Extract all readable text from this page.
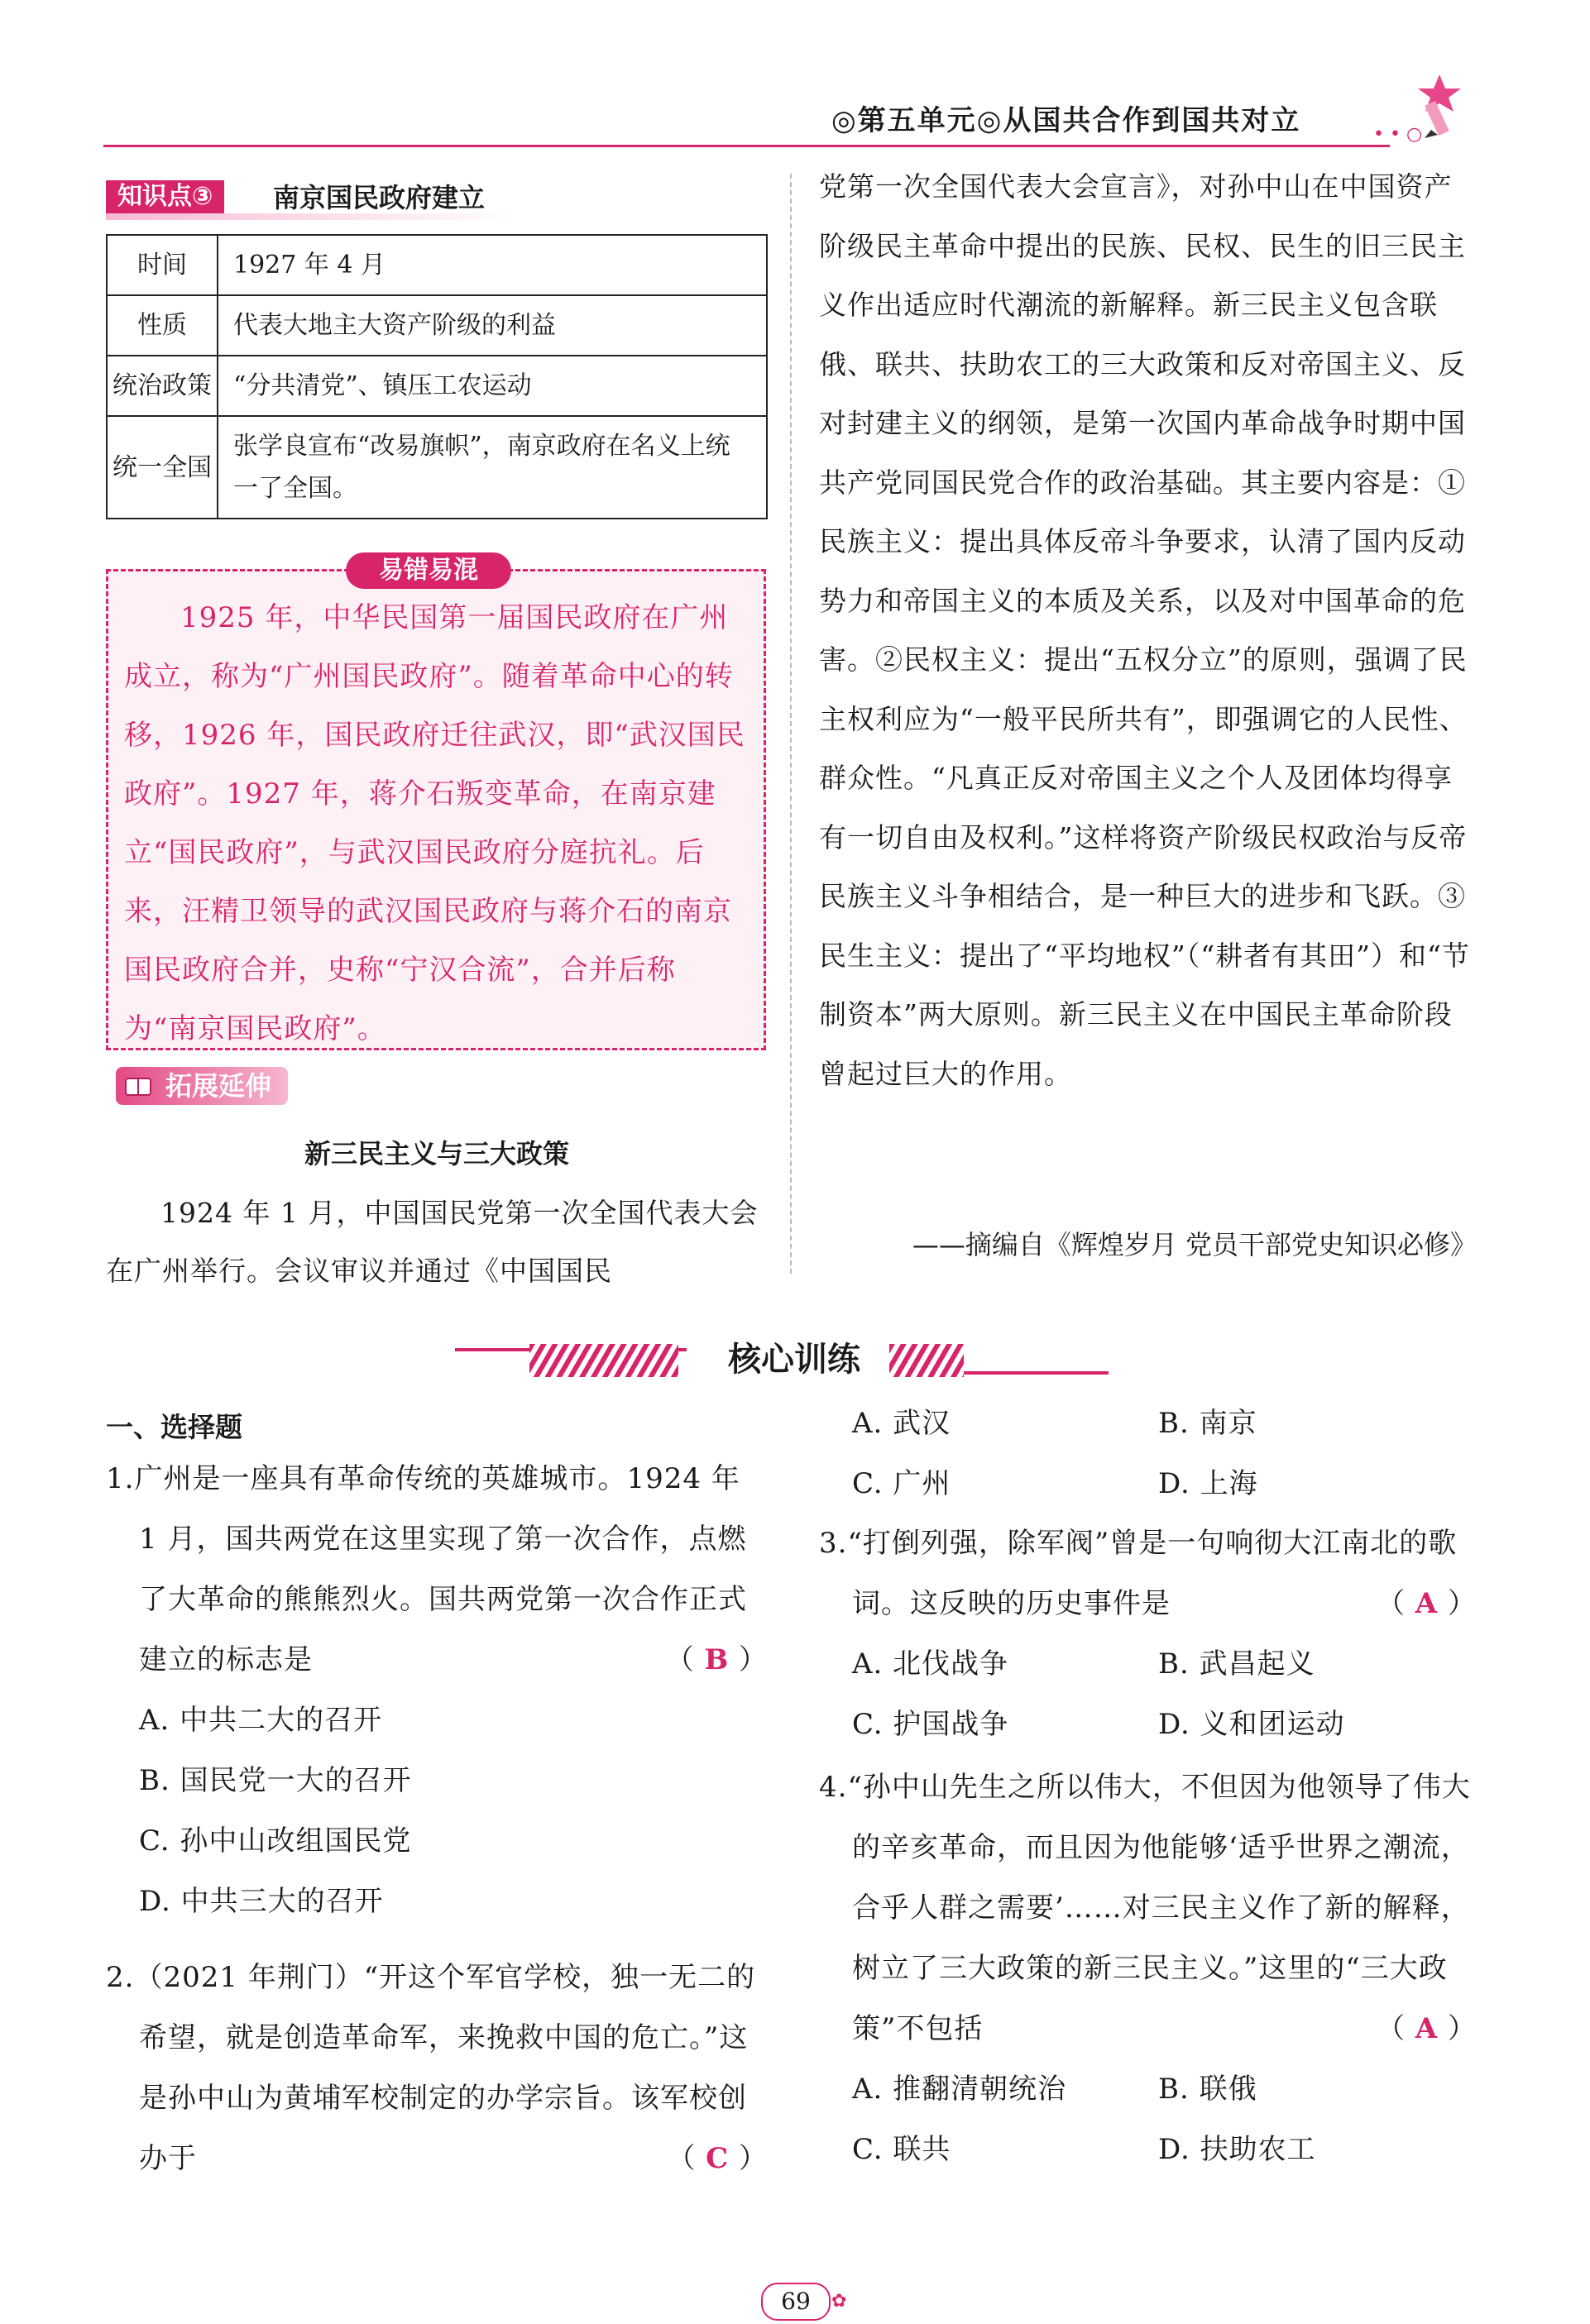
◎第五单元◎从国共合作到国共对立	• • ○
知识点③	南京国民政府建立
时间	1927 年 4 月
性质	代表大地主大资产阶级的利益
统治政策	“分共清党”、镇压工农运动
统一全国	张学良宣布“改易旗帜”，南京政府在名义上统一了全国。
易错易混
1925 年，中华民国第一届国民政府在广州成立，称为“广州国民政府”。随着革命中心的转移，1926 年，国民政府迁往武汉，即“武汉国民政府”。1927 年，蒋介石叛变革命，在南京建立“国民政府”，与武汉国民政府分庭抗礼。后来，汪精卫领导的武汉国民政府与蒋介石的南京国民政府合并，史称“宁汉合流”，合并后称为“南京国民政府”。
拓展延伸
新三民主义与三大政策
1924 年 1 月，中国国民党第一次全国代表大会在广州举行。会议审议并通过《中国国民
党第一次全国代表大会宣言》，对孙中山在中国资产阶级民主革命中提出的民族、民权、民生的旧三民主义作出适应时代潮流的新解释。新三民主义包含联俄、联共、扶助农工的三大政策和反对帝国主义、反对封建主义的纲领，是第一次国内革命战争时期中国共产党同国民党合作的政治基础。其主要内容是：①民族主义：提出具体反帝斗争要求，认清了国内反动势力和帝国主义的本质及关系，以及对中国革命的危害。②民权主义：提出“五权分立”的原则，强调了民主权利应为“一般平民所共有”，即强调它的人民性、群众性。“凡真正反对帝国主义之个人及团体均得享有一切自由及权利。”这样将资产阶级民权政治与反帝民族主义斗争相结合，是一种巨大的进步和飞跃。③民生主义：提出了“平均地权”（“耕者有其田”）和“节制资本”两大原则。新三民主义在中国民主革命阶段曾起过巨大的作用。
——摘编自《辉煌岁月 党员干部党史知识必修》
核心训练
一、选择题
1.广州是一座具有革命传统的英雄城市。1924 年 1 月，国共两党在这里实现了第一次合作，点燃了大革命的熊熊烈火。国共两党第一次合作正式建立的标志是	（ B ）
A. 中共二大的召开
B. 国民党一大的召开
C. 孙中山改组国民党
D. 中共三大的召开
2.（2021 年荆门）“开这个军官学校，独一无二的希望，就是创造革命军，来挽救中国的危亡。”这是孙中山为黄埔军校制定的办学宗旨。该军校创办于	（ C ）
A. 武汉	B. 南京
C. 广州	D. 上海
3.“打倒列强，除军阀”曾是一句响彻大江南北的歌词。这反映的历史事件是	（ A ）
A. 北伐战争	B. 武昌起义
C. 护国战争	D. 义和团运动
4.“孙中山先生之所以伟大，不但因为他领导了伟大的辛亥革命，而且因为他能够‘适乎世界之潮流，合乎人群之需要’……对三民主义作了新的解释，树立了三大政策的新三民主义。”这里的“三大政策”不包括	（ A ）
A. 推翻清朝统治	B. 联俄
C. 联共	D. 扶助农工
69	✿
